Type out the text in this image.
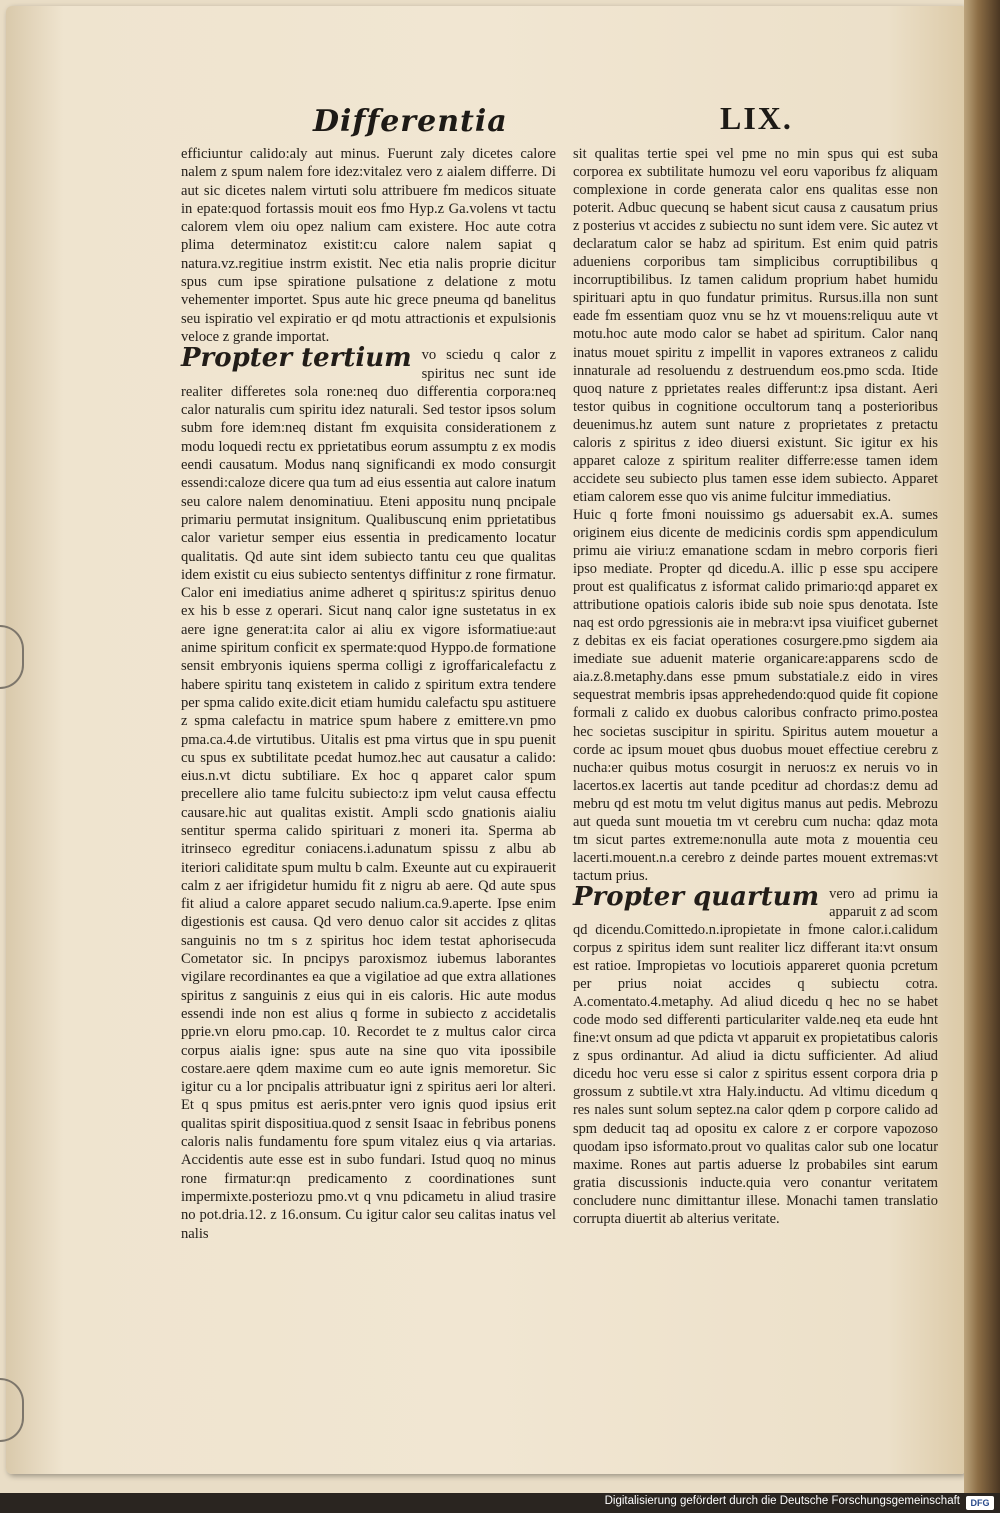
Differentia	LIX.

efficiuntur calido:aly aut minus. Fuerunt zaly dicetes calore nalem z spum nalem fore idez:vitalez vero z aialem differre. Di aut sic dicetes nalem virtuti solu attribuere fm medicos situate in epate:quod fortassis mouit eos fmo Hyp.z Ga.volens vt tactu calorem vlem oiu opez nalium cam existere. Hoc aute cotra plima determinatoz existit:cu calore nalem sapiat q natura.vz.regitiue instrm existit. Nec etia nalis proprie dicitur spus cum ipse spiratione pulsatione z delatione z motu vehementer importet. Spus aute hic grece pneuma qd banelitus seu ispiratio vel expiratio er qd motu attractionis et expulsionis veloce z grande importat.

Propter tertium vo sciedu q calor z spiritus nec sunt ide realiter differetes sola rone:neq duo differentia corpora:neq calor naturalis cum spiritu idez naturali. Sed testor ipsos solum subm fore idem:neq distant fm exquisita considerationem z modu loquedi rectu ex pprietatibus eorum assumptu z ex modis eendi causatum. Modus nanq significandi ex modo consurgit essendi:caloze dicere qua tum ad eius essentia aut calore inatum seu calore nalem denominatiuu. Eteni appositu nunq pncipale primariu permutat insignitum. Qualibuscunq enim pprietatibus calor varietur semper eius essentia in predicamento locatur qualitatis. Qd aute sint idem subiecto tantu ceu que qualitas idem existit cu eius subiecto sententys diffinitur z rone firmatur. Calor eni imediatius anime adheret q spiritus:z spiritus denuo ex his b esse z operari. Sicut nanq calor igne sustetatus in ex aere igne generat:ita calor ai aliu ex vigore isformatiue:aut anime spiritum conficit ex spermate:quod Hyppo.de formatione sensit embryonis iquiens sperma colligi z igroffaricalefactu z habere spiritu tanq existetem in calido z spiritum extra tendere per spma calido exite.dicit etiam humidu calefactu spu astituere z spma calefactu in matrice spum habere z emittere.vn pmo pma.ca.4.de virtutibus. Uitalis est pma virtus que in spu puenit cu spus ex subtilitate pcedat humoz.hec aut causatur a calido: eius.n.vt dictu subtiliare. Ex hoc q apparet calor spum precellere alio tame fulcitu subiecto:z ipm velut causa effectu causare.hic aut qualitas existit. Ampli scdo gnationis aialiu sentitur sperma calido spirituari z moneri ita. Sperma ab itrinseco egreditur coniacens.i.adunatum spissu z albu ab iteriori caliditate spum multu b calm. Exeunte aut cu expirauerit calm z aer ifrigidetur humidu fit z nigru ab aere. Qd aute spus fit aliud a calore apparet secudo nalium.ca.9.aperte. Ipse enim digestionis est causa. Qd vero denuo calor sit accides z qlitas sanguinis no tm s z spiritus hoc idem testat aphorisecuda Cometator sic. In pncipys paroxismoz iubemus laborantes vigilare recordinantes ea que a vigilatioe ad que extra allationes spiritus z sanguinis z eius qui in eis caloris. Hic aute modus essendi inde non est alius q forme in subiecto z accidetalis pprie.vn eloru pmo.cap. 10. Recordet te z multus calor circa corpus aialis igne: spus aute na sine quo vita ipossibile costare.aere qdem maxime cum eo aute ignis memoretur. Sic igitur cu a lor pncipalis attribuatur igni z spiritus aeri lor alteri. Et q spus pmitus est aeris.pnter vero ignis quod ipsius erit qualitas spirit dispositiua.quod z sensit Isaac in febribus ponens caloris nalis fundamentu fore spum vitalez eius q via artarias. Accidentis aute esse est in subo fundari. Istud quoq no minus rone firmatur:qn predicamento z coordinationes sunt impermixte.posteriozu pmo.vt q vnu pdicametu in aliud trasire no pot.dria.12. z 16.onsum. Cu igitur calor seu calitas inatus vel nalis

sit qualitas tertie spei vel pme no min spus qui est suba corporea ex subtilitate humozu vel eoru vaporibus fz aliquam complexione in corde generata calor ens qualitas esse non poterit. Adbuc quecunq se habent sicut causa z causatum prius z posterius vt accides z subiectu no sunt idem vere. Sic autez vt declaratum calor se habz ad spiritum. Est enim quid patris adueniens corporibus tam simplicibus corruptibilibus q incorruptibilibus. Iz tamen calidum proprium habet humidu spirituari aptu in quo fundatur primitus. Rursus.illa non sunt eade fm essentiam quoz vnu se hz vt mouens:reliquu aute vt motu.hoc aute modo calor se habet ad spiritum. Calor nanq inatus mouet spiritu z impellit in vapores extraneos z calidu innaturale ad resoluendu z destruendum eos.pmo scda. Itide quoq nature z pprietates reales differunt:z ipsa distant. Aeri testor quibus in cognitione occultorum tanq a posterioribus deuenimus.hz autem sunt nature z proprietates z pretactu caloris z spiritus z ideo diuersi existunt. Sic igitur ex his apparet caloze z spiritum realiter differre:esse tamen idem accidete seu subiecto plus tamen esse idem subiecto. Apparet etiam calorem esse quo vis anime fulcitur immediatius.

Huic q forte fmoni nouissimo gs aduersabit ex.A. sumes originem eius dicente de medicinis cordis spm appendiculum primu aie viriu:z emanatione scdam in mebro corporis fieri ipso mediate. Propter qd dicedu.A. illic p esse spu accipere prout est qualificatus z isformat calido primario:qd apparet ex attributione opatiois caloris ibide sub noie spus denotata. Iste naq est ordo pgressionis aie in mebra:vt ipsa viuificet gubernet z debitas ex eis faciat operationes cosurgere.pmo sigdem aia imediate sue aduenit materie organicare:apparens scdo de aia.z.8.metaphy.dans esse pmum substatiale.z eido in vires sequestrat membris ipsas apprehedendo:quod quide fit copione formali z calido ex duobus caloribus confracto primo.postea hec societas suscipitur in spiritu. Spiritus autem mouetur a corde ac ipsum mouet qbus duobus mouet effectiue cerebru z nucha:er quibus motus cosurgit in neruos:z ex neruis vo in lacertos.ex lacertis aut tande pceditur ad chordas:z demu ad mebru qd est motu tm velut digitus manus aut pedis. Mebrozu aut queda sunt mouetia tm vt cerebru cum nucha: qdaz mota tm sicut partes extreme:nonulla aute mota z mouentia ceu lacerti.mouent.n.a cerebro z deinde partes mouent extremas:vt tactum prius.

Propter quartum vero ad primu ia apparuit z ad scom qd dicendu.Comittedo.n.ipropietate in fmone calor.i.calidum corpus z spiritus idem sunt realiter licz differant ita:vt onsum est ratioe. Impropietas vo locutiois appareret quonia pcretum per prius noiat accides q subiectu cotra. A.comentato.4.metaphy. Ad aliud dicedu q hec no se habet code modo sed differenti particulariter valde.neq eta eude hnt fine:vt onsum ad que pdicta vt apparuit ex propietatibus caloris z spus ordinantur. Ad aliud ia dictu sufficienter. Ad aliud dicedu hoc veru esse si calor z spiritus essent corpora dria p grossum z subtile.vt xtra Haly.inductu. Ad vltimu dicedum q res nales sunt solum septez.na calor qdem p corpore calido ad spm deducit taq ad opositu ex calore z er corpore vapozoso quodam ipso isformato.prout vo qualitas calor sub one locatur maxime. Rones aut partis aduerse lz probabiles sint earum gratia discussionis inducte.quia vero conantur veritatem concludere nunc dimittantur illese. Monachi tamen translatio corrupta diuertit ab alterius veritate.

Digitalisierung gefördert durch die Deutsche Forschungsgemeinschaft	DFG
